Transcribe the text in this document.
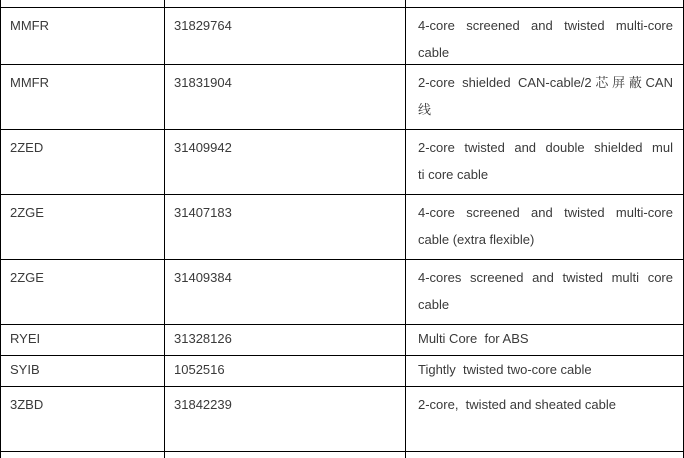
MMFR	31829764	4-core screened and twisted multi-core
cable
MMFR	31831904	2-core shielded CAN-cable/2芯屏蔽CAN
线
2ZED	31409942	2-core twisted and double shielded mul
ti core cable
2ZGE	31407183	4-core screened and twisted multi-core
cable (extra flexible)
2ZGE	31409384	4-cores screened and twisted multi core
cable
RYEI	31328126	Multi Core  for ABS
SYIB	1052516	Tightly  twisted two-core cable
3ZBD	31842239	2-core,  twisted and sheated cable
